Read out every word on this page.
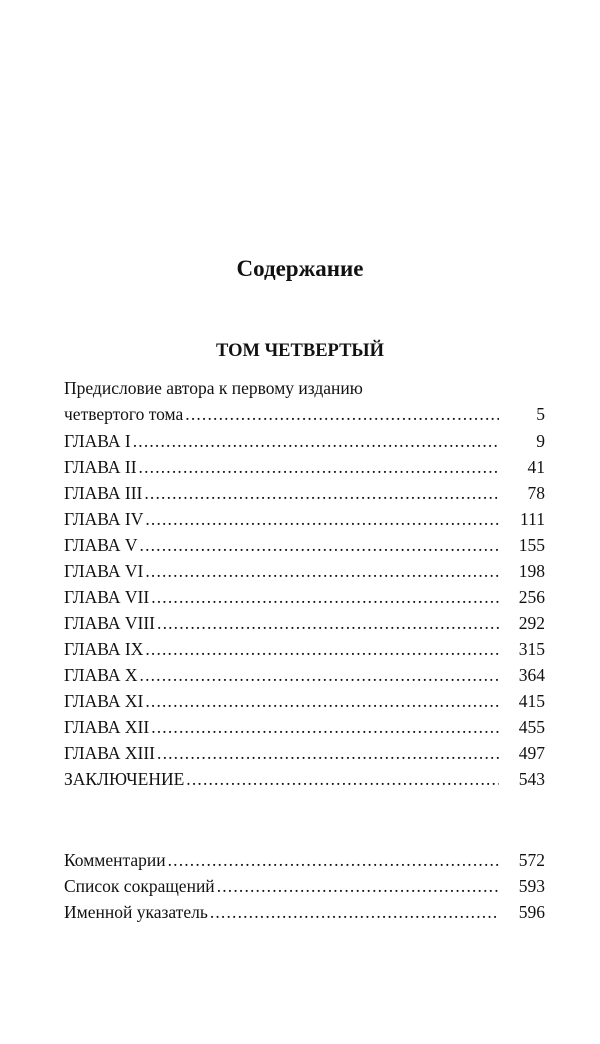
Содержание
ТОМ ЧЕТВЕРТЫЙ
Предисловие автора к первому изданию
четвертого тома . . .	5
ГЛАВА I . . .	9
ГЛАВА II . . .	41
ГЛАВА III . . .	78
ГЛАВА IV . . .	111
ГЛАВА V . . .	155
ГЛАВА VI . . .	198
ГЛАВА VII . . .	256
ГЛАВА VIII . . .	292
ГЛАВА IX . . .	315
ГЛАВА X . . .	364
ГЛАВА XI . . .	415
ГЛАВА XII . . .	455
ГЛАВА XIII . . .	497
ЗАКЛЮЧЕНИЕ . . .	543
Комментарии . . .	572
Список сокращений . . .	593
Именной указатель . . .	596
